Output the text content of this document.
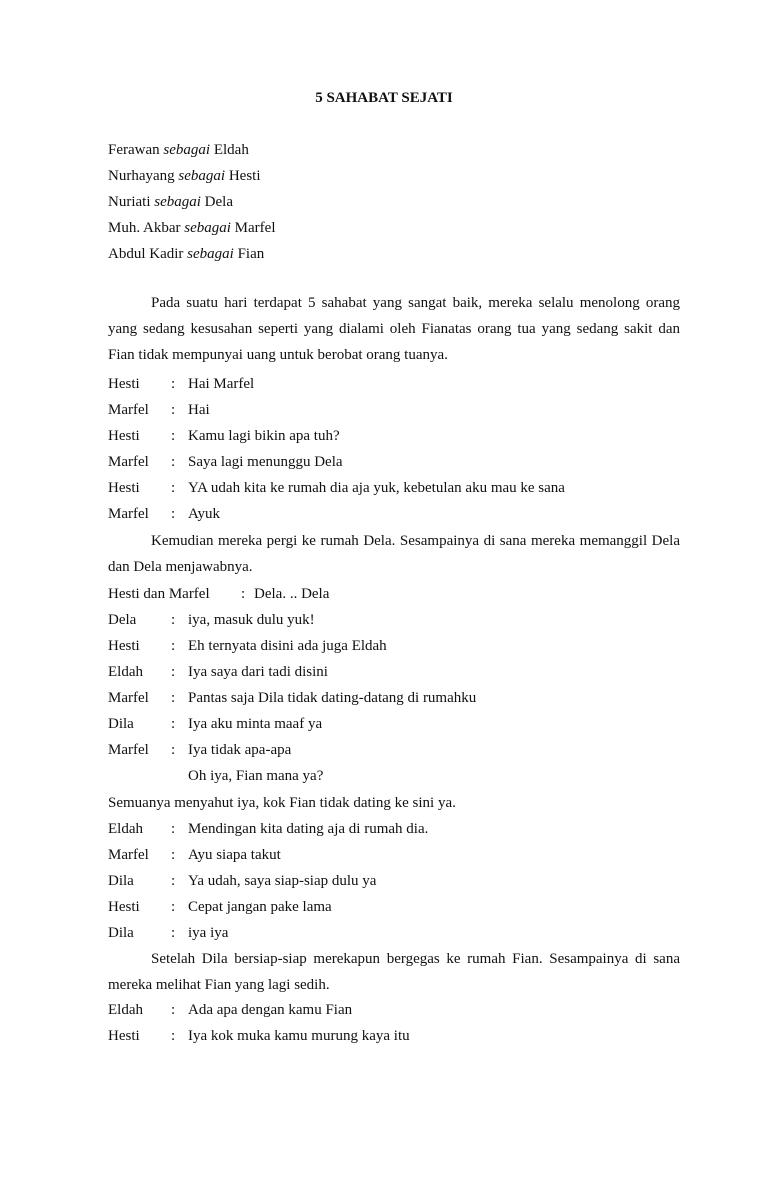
5 SAHABAT SEJATI
Ferawan sebagai Eldah
Nurhayang sebagai Hesti
Nuriati sebagai Dela
Muh. Akbar sebagai Marfel
Abdul Kadir sebagai Fian
Pada suatu hari terdapat 5 sahabat yang sangat baik, mereka selalu menolong orang yang sedang kesusahan seperti yang dialami oleh Fianatas orang tua yang sedang sakit dan Fian tidak mempunyai uang untuk berobat orang tuanya.
Hesti : Hai Marfel
Marfel : Hai
Hesti : Kamu lagi bikin apa tuh?
Marfel : Saya lagi menunggu Dela
Hesti : YA udah kita ke rumah dia aja yuk, kebetulan aku mau ke sana
Marfel : Ayuk
Kemudian mereka pergi ke rumah Dela. Sesampainya di sana mereka memanggil Dela dan Dela menjawabnya.
Hesti dan Marfel : Dela. .. Dela
Dela : iya, masuk dulu yuk!
Hesti : Eh ternyata disini ada juga Eldah
Eldah : Iya saya dari tadi disini
Marfel : Pantas saja Dila tidak dating-datang di rumahku
Dila : Iya aku minta maaf ya
Marfel : Iya tidak apa-apa
Oh iya, Fian mana ya?
Semuanya menyahut iya, kok Fian tidak dating ke sini ya.
Eldah : Mendingan kita dating aja di rumah dia.
Marfel : Ayu siapa takut
Dila : Ya udah, saya siap-siap dulu ya
Hesti : Cepat jangan pake lama
Dila : iya iya
Setelah Dila bersiap-siap merekapun bergegas ke rumah Fian. Sesampainya di sana mereka melihat Fian yang lagi sedih.
Eldah : Ada apa dengan kamu Fian
Hesti : Iya kok muka kamu murung kaya itu
